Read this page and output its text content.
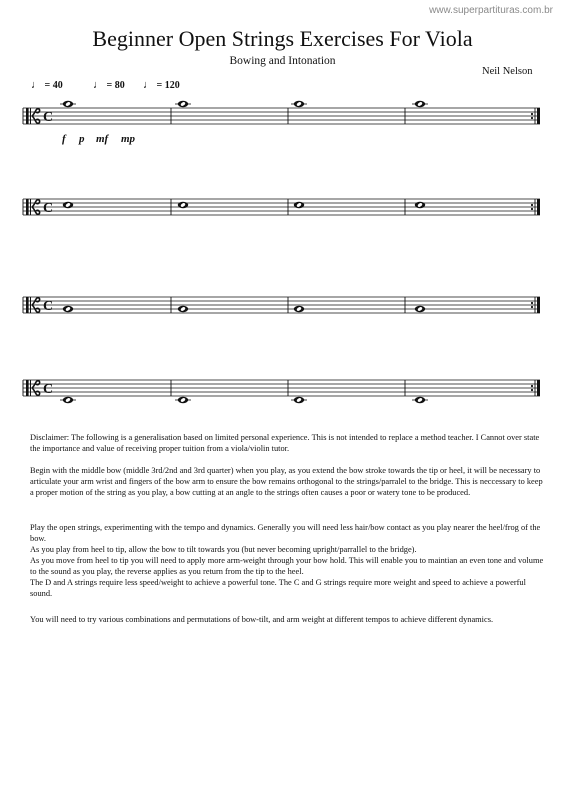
www.superpartituras.com.br
Beginner Open Strings Exercises For Viola
Bowing and Intonation
Neil Nelson
♩ = 40	♩ = 80 ♩ = 120
C
C
C
C
f p mf mp

Disclaimer: The following is a generalisation based on limited personal experience. This is not intended to replace a method teacher. I Cannot over state the importance and value of receiving proper tuition from a viola/violin tutor.

Begin with the middle bow (middle 3rd/2nd and 3rd quarter) when you play, as you extend the bow stroke towards the tip or heel, it will be necessary to articulate your arm wrist and fingers of the bow arm to ensure the bow remains orthogonal to the strings/parralel to the bridge. This is neccessary to keep a proper motion of the string as you play, a bow cutting at an angle to the strings often causes a poor or watery tone to be produced.

Play the open strings, experimenting with the tempo and dynamics. Generally you will need less hair/bow contact as you play nearer the heel/frog of the bow.

As you play from heel to tip, allow the bow to tilt towards you (but never becoming upright/parrallel to the bridge).

As you move from heel to tip you will need to apply more arm-weight through your bow hold. This will enable you to maintian an even tone and volume to the sound as you play, the reverse applies as you return from the tip to the heel.

The D and A strings require less speed/weight to achieve a powerful tone. The C and G strings require more weight and speed to achieve a powerful sound.

You will need to try various combinations and permutations of bow-tilt, and arm weight at different tempos to achieve different dynamics.
